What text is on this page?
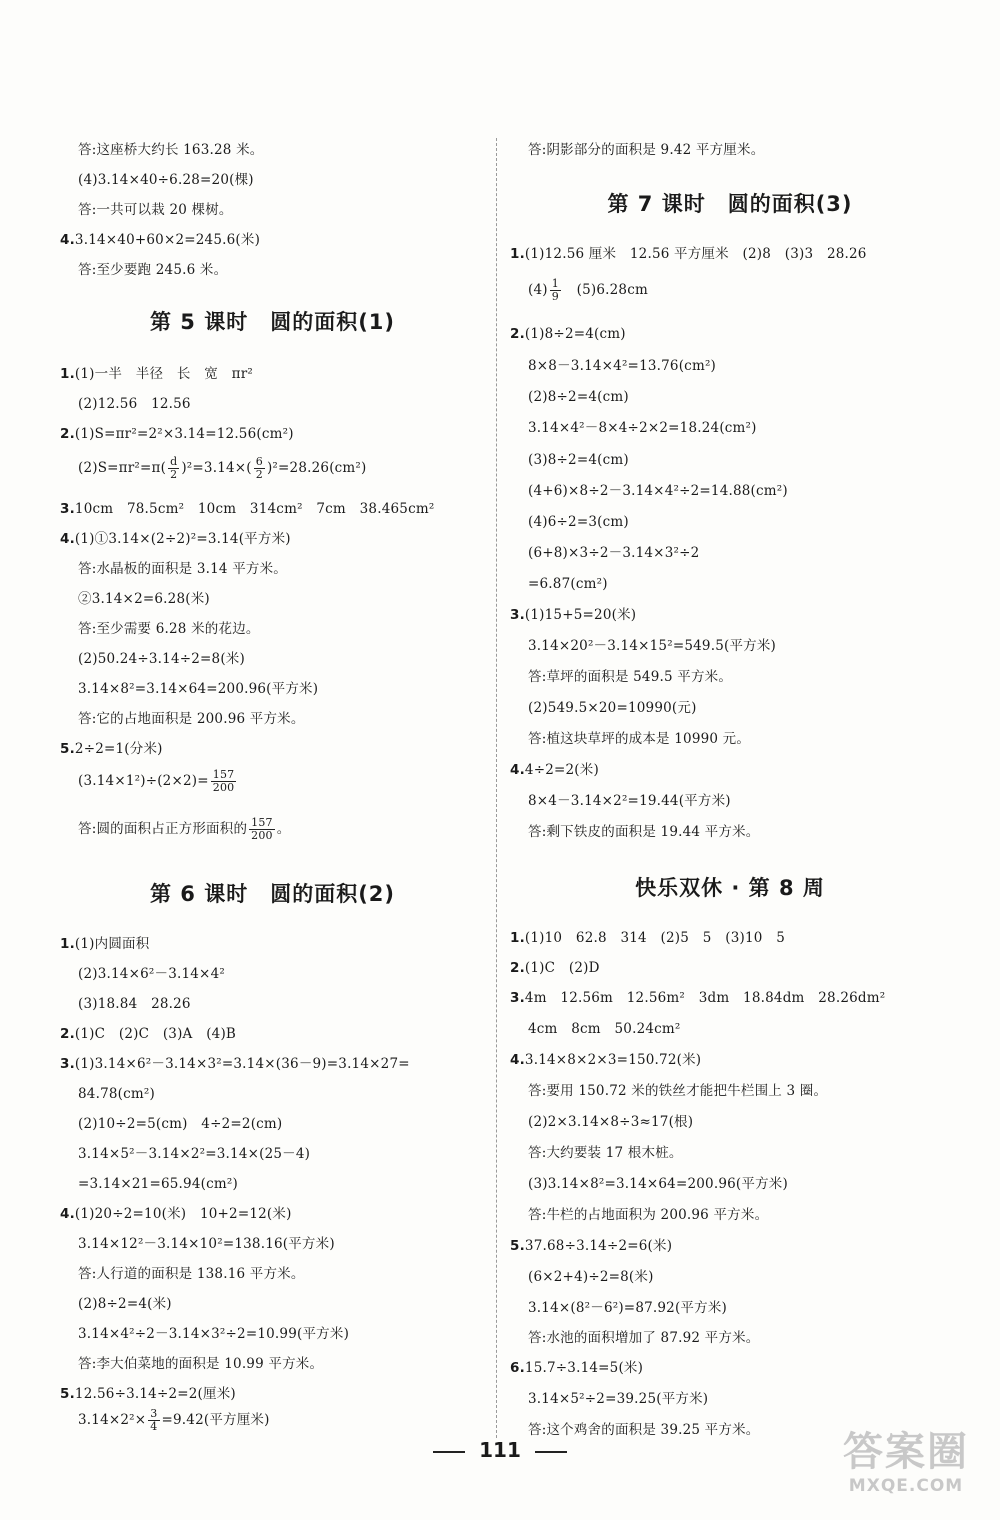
答:这座桥大约长 163.28 米。
(4)3.14×40÷6.28=20(棵)
答:一共可以栽 20 棵树。
4.3.14×40+60×2=245.6(米)
答:至少要跑 245.6 米。
第 5 课时　圆的面积(1)
1.(1)一半　半径　长　宽　πr²
(2)12.56　12.56
2.(1)S=πr²=2²×3.14=12.56(cm²)
$(2)S=\pi r^2=\pi( \frac{d}{2} )^2=3.14\times( \frac{6}{2} )^2=28.26(cm^2)$
3.10cm　78.5cm²　10cm　314cm²　7cm　38.465cm²
4.(1)①3.14×(2÷2)²=3.14(平方米)
答:水晶板的面积是 3.14 平方米。
②3.14×2=6.28(米)
答:至少需要 6.28 米的花边。
(2)50.24÷3.14÷2=8(米)
3.14×8²=3.14×64=200.96(平方米)
答:它的占地面积是 200.96 平方米。
5.2÷2=1(分米)
$(3.14\times 1^2)\div(2\times 2)= \frac{157}{200}$
答:圆的面积占正方形面积的 $\frac{157}{200}$ 。
第 6 课时　圆的面积(2)
1.(1)内圆面积
(2)3.14×6²－3.14×4²
(3)18.84　28.26
2.(1)C　(2)C　(3)A　(4)B
3.(1)3.14×6²－3.14×3²=3.14×(36－9)=3.14×27=
84.78(cm²)
(2)10÷2=5(cm)　4÷2=2(cm)
3.14×5²－3.14×2²=3.14×(25－4)
=3.14×21=65.94(cm²)
4.(1)20÷2=10(米)　10+2=12(米)
3.14×12²－3.14×10²=138.16(平方米)
答:人行道的面积是 138.16 平方米。
(2)8÷2=4(米)
3.14×4²÷2－3.14×3²÷2=10.99(平方米)
答:李大伯菜地的面积是 10.99 平方米。
5.12.56÷3.14÷2=2(厘米)
$3.14\times 2^2\times \frac{3}{4} =9.42$(平方厘米)
答:阴影部分的面积是 9.42 平方厘米。
第 7 课时　圆的面积(3)
1.(1)12.56 厘米　12.56 平方厘米　(2)8　(3)3　28.26
$(4) \frac{1}{9}$
　 (5)6.28cm
2.(1)8÷2=4(cm)
8×8－3.14×4²=13.76(cm²)
(2)8÷2=4(cm)
3.14×4²－8×4÷2×2=18.24(cm²)
(3)8÷2=4(cm)
(4+6)×8÷2－3.14×4²÷2=14.88(cm²)
(4)6÷2=3(cm)
(6+8)×3÷2－3.14×3²÷2
=6.87(cm²)
3.(1)15+5=20(米)
3.14×20²－3.14×15²=549.5(平方米)
答:草坪的面积是 549.5 平方米。
(2)549.5×20=10990(元)
答:植这块草坪的成本是 10990 元。
4.4÷2=2(米)
8×4－3.14×2²=19.44(平方米)
答:剩下铁皮的面积是 19.44 平方米。
快乐双休 · 第 8 周
1.(1)10　62.8　314　(2)5　5　(3)10　5
2.(1)C　(2)D
3.4m　12.56m　12.56m²　3dm　18.84dm　28.26dm²
4cm　8cm　50.24cm²
4.3.14×8×2×3=150.72(米)
答:要用 150.72 米的铁丝才能把牛栏围上 3 圈。
(2)2×3.14×8÷3≈17(根)
答:大约要装 17 根木桩。
(3)3.14×8²=3.14×64=200.96(平方米)
答:牛栏的占地面积为 200.96 平方米。
5.37.68÷3.14÷2=6(米)
(6×2+4)÷2=8(米)
3.14×(8²－6²)=87.92(平方米)
答:水池的面积增加了 87.92 平方米。
6.15.7÷3.14=5(米)
3.14×5²÷2=39.25(平方米)
答:这个鸡舍的面积是 39.25 平方米。
111	答案圈
MXQE.COM
